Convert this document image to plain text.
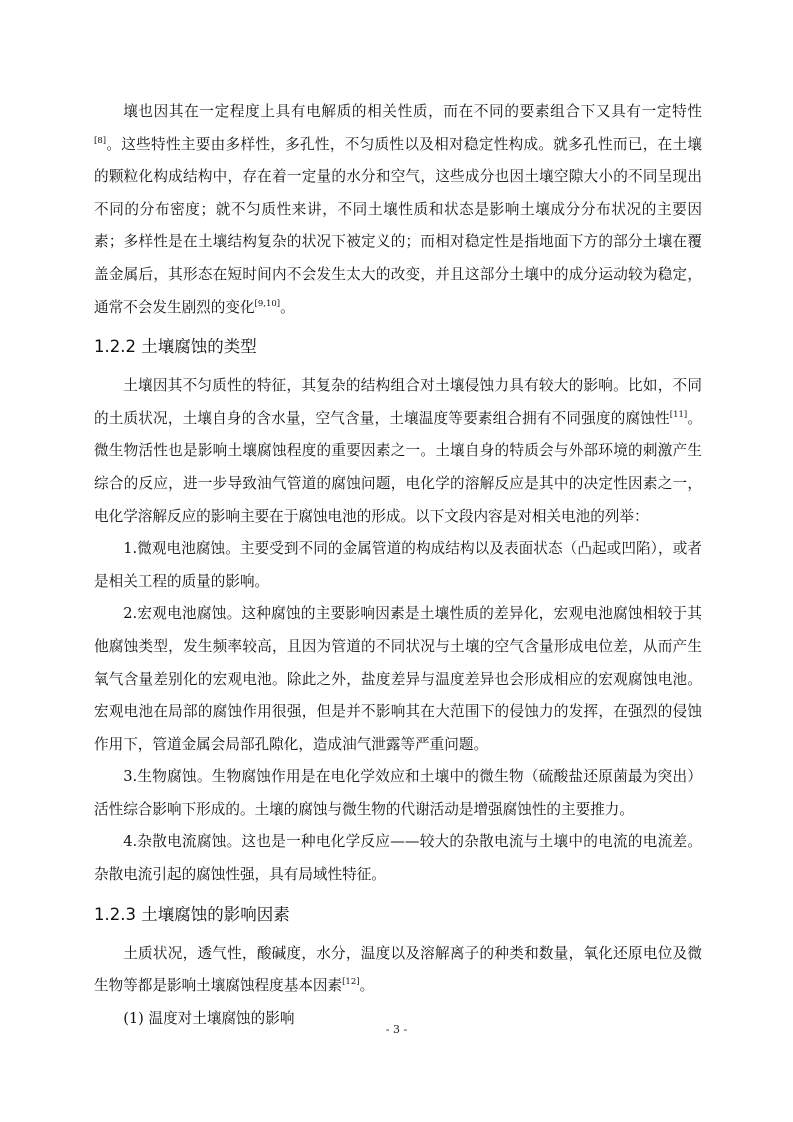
壤也因其在一定程度上具有电解质的相关性质，而在不同的要素组合下又具有一定特性[8]。这些特性主要由多样性，多孔性，不匀质性以及相对稳定性构成。就多孔性而已，在土壤的颗粒化构成结构中，存在着一定量的水分和空气，这些成分也因土壤空隙大小的不同呈现出不同的分布密度；就不匀质性来讲，不同土壤性质和状态是影响土壤成分分布状况的主要因素；多样性是在土壤结构复杂的状况下被定义的；而相对稳定性是指地面下方的部分土壤在覆盖金属后，其形态在短时间内不会发生太大的改变，并且这部分土壤中的成分运动较为稳定，通常不会发生剧烈的变化[9,10]。

1.2.2 土壤腐蚀的类型

土壤因其不匀质性的特征，其复杂的结构组合对土壤侵蚀力具有较大的影响。比如，不同的土质状况，土壤自身的含水量，空气含量，土壤温度等要素组合拥有不同强度的腐蚀性[11]。微生物活性也是影响土壤腐蚀程度的重要因素之一。土壤自身的特质会与外部环境的刺激产生综合的反应，进一步导致油气管道的腐蚀问题，电化学的溶解反应是其中的决定性因素之一，电化学溶解反应的影响主要在于腐蚀电池的形成。以下文段内容是对相关电池的列举：

1.微观电池腐蚀。主要受到不同的金属管道的构成结构以及表面状态（凸起或凹陷），或者是相关工程的质量的影响。

2.宏观电池腐蚀。这种腐蚀的主要影响因素是土壤性质的差异化，宏观电池腐蚀相较于其他腐蚀类型，发生频率较高，且因为管道的不同状况与土壤的空气含量形成电位差，从而产生氧气含量差别化的宏观电池。除此之外，盐度差异与温度差异也会形成相应的宏观腐蚀电池。宏观电池在局部的腐蚀作用很强，但是并不影响其在大范围下的侵蚀力的发挥，在强烈的侵蚀作用下，管道金属会局部孔隙化，造成油气泄露等严重问题。

3.生物腐蚀。生物腐蚀作用是在电化学效应和土壤中的微生物（硫酸盐还原菌最为突出）活性综合影响下形成的。土壤的腐蚀与微生物的代谢活动是增强腐蚀性的主要推力。

4.杂散电流腐蚀。这也是一种电化学反应——较大的杂散电流与土壤中的电流的电流差。杂散电流引起的腐蚀性强，具有局域性特征。

1.2.3 土壤腐蚀的影响因素

土质状况，透气性，酸碱度，水分，温度以及溶解离子的种类和数量，氧化还原电位及微生物等都是影响土壤腐蚀程度基本因素[12]。

(1) 温度对土壤腐蚀的影响

- 3 -
